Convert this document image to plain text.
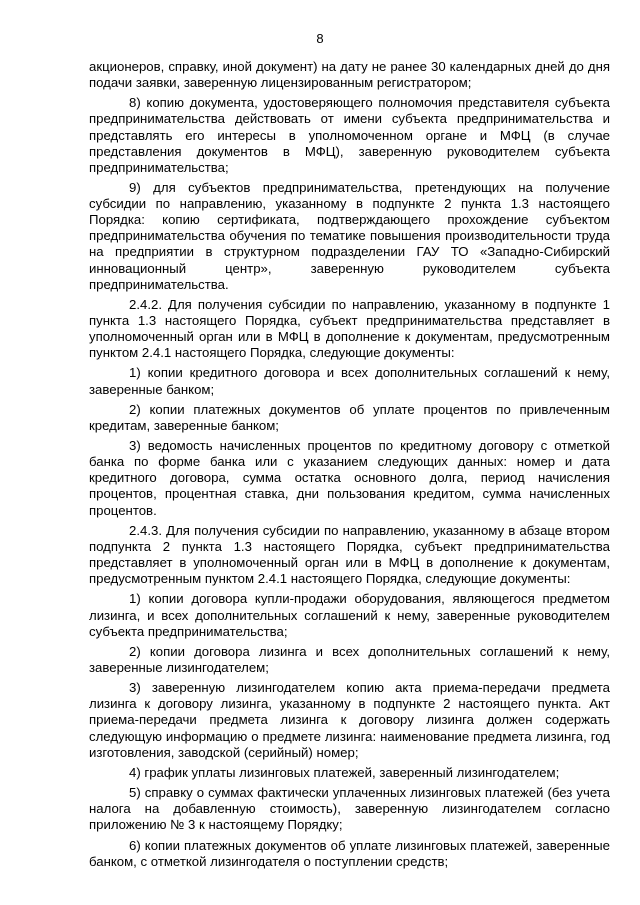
8

акционеров, справку, иной документ) на дату не ранее 30 календарных дней до дня подачи заявки, заверенную лицензированным регистратором;

8) копию документа, удостоверяющего полномочия представителя субъекта предпринимательства действовать от имени субъекта предпринимательства и представлять его интересы в уполномоченном органе и МФЦ (в случае представления документов в МФЦ), заверенную руководителем субъекта предпринимательства;

9) для субъектов предпринимательства, претендующих на получение субсидии по направлению, указанному в подпункте 2 пункта 1.3 настоящего Порядка: копию сертификата, подтверждающего прохождение субъектом предпринимательства обучения по тематике повышения производительности труда на предприятии в структурном подразделении ГАУ ТО «Западно-Сибирский инновационный центр», заверенную руководителем субъекта предпринимательства.

2.4.2. Для получения субсидии по направлению, указанному в подпункте 1 пункта 1.3 настоящего Порядка, субъект предпринимательства представляет в уполномоченный орган или в МФЦ в дополнение к документам, предусмотренным пунктом 2.4.1 настоящего Порядка, следующие документы:

1) копии кредитного договора и всех дополнительных соглашений к нему, заверенные банком;

2) копии платежных документов об уплате процентов по привлеченным кредитам, заверенные банком;

3) ведомость начисленных процентов по кредитному договору с отметкой банка по форме банка или с указанием следующих данных: номер и дата кредитного договора, сумма остатка основного долга, период начисления процентов, процентная ставка, дни пользования кредитом, сумма начисленных процентов.

2.4.3. Для получения субсидии по направлению, указанному в абзаце втором подпункта 2 пункта 1.3 настоящего Порядка, субъект предпринимательства представляет в уполномоченный орган или в МФЦ в дополнение к документам, предусмотренным пунктом 2.4.1 настоящего Порядка, следующие документы:

1) копии договора купли-продажи оборудования, являющегося предметом лизинга, и всех дополнительных соглашений к нему, заверенные руководителем субъекта предпринимательства;

2) копии договора лизинга и всех дополнительных соглашений к нему, заверенные лизингодателем;

3) заверенную лизингодателем копию акта приема-передачи предмета лизинга к договору лизинга, указанному в подпункте 2 настоящего пункта. Акт приема-передачи предмета лизинга к договору лизинга должен содержать следующую информацию о предмете лизинга: наименование предмета лизинга, год изготовления, заводской (серийный) номер;

4) график уплаты лизинговых платежей, заверенный лизингодателем;

5) справку о суммах фактически уплаченных лизинговых платежей (без учета налога на добавленную стоимость), заверенную лизингодателем согласно приложению № 3 к настоящему Порядку;

6) копии платежных документов об уплате лизинговых платежей, заверенные банком, с отметкой лизингодателя о поступлении средств;
